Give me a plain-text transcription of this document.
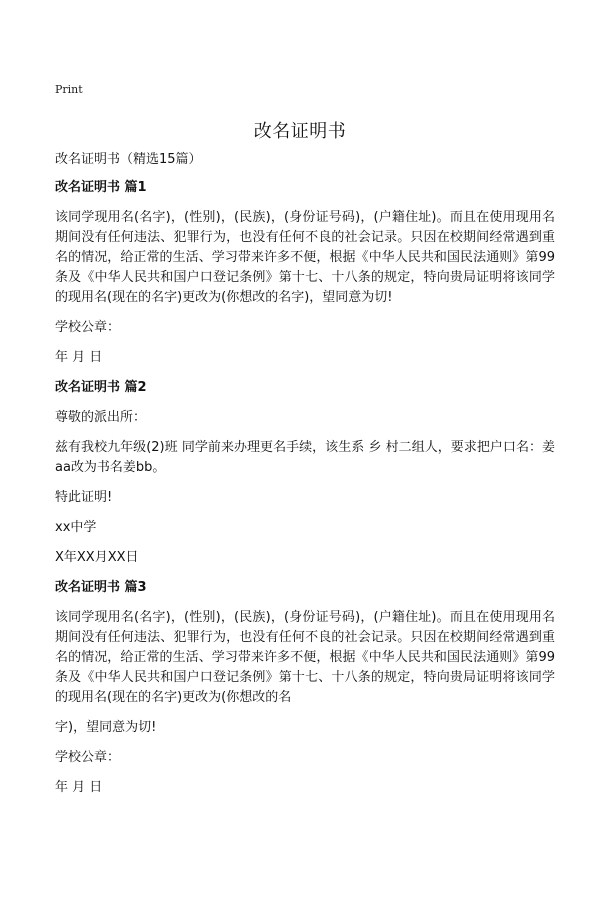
Print
改名证明书
改名证明书（精选15篇）
改名证明书 篇1
该同学现用名(名字)，(性别)，(民族)，(身份证号码)，(户籍住址)。而且在使用现用名期间没有任何违法、犯罪行为，也没有任何不良的社会记录。只因在校期间经常遇到重名的情况，给正常的生活、学习带来许多不便，根据《中华人民共和国民法通则》第99条及《中华人民共和国户口登记条例》第十七、十八条的规定，特向贵局证明将该同学的现用名(现在的名字)更改为(你想改的名字)，望同意为切!
学校公章：
年 月 日
改名证明书 篇2
尊敬的派出所：
兹有我校九年级(2)班 同学前来办理更名手续，该生系 乡 村二组人，要求把户口名：姜aa改为书名姜bb。
特此证明!
xx中学
X年XX月XX日
改名证明书 篇3
该同学现用名(名字)，(性别)，(民族)，(身份证号码)，(户籍住址)。而且在使用现用名期间没有任何违法、犯罪行为，也没有任何不良的社会记录。只因在校期间经常遇到重名的情况，给正常的生活、学习带来许多不便，根据《中华人民共和国民法通则》第99条及《中华人民共和国户口登记条例》第十七、十八条的规定，特向贵局证明将该同学的现用名(现在的名字)更改为(你想改的名
字)，望同意为切!
学校公章：
年 月 日
